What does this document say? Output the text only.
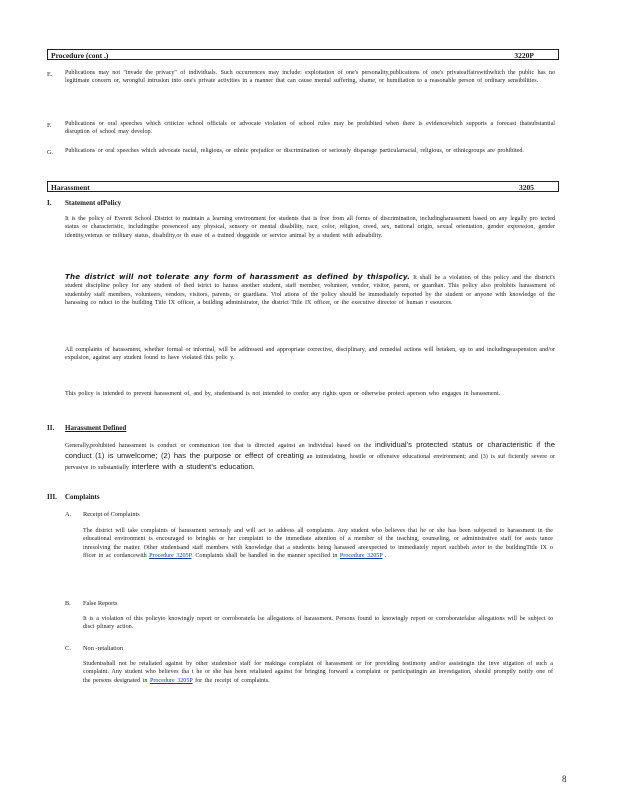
Procedure (cont .)	3220P
E. Publications may not "invade the privacy" of individuals. Such occurrences may include: exploitation of one's personality,publications of one's privateaffairswithwhich the public has no legitimate concern or, wrongful intrusion into one's private activities in a manner that can cause mental suffering, shame, or humiliation to a reasonable person of ordinary sensibilities.
F. Publications or oral speeches which criticize school officials or advocate violation of school rules may be prohibited when there is evidencewhich supports a forecast thatsubstantial disruption of school may develop.
G. Publications or oral speeches which advocate racial, religious, or ethnic prejudice or discrimination or seriously disparage particularracial, religious, or ethnicgroups are prohibited.
Harassment	3205
I. Statement ofPolicy
It is the policy of Everett School District to maintain a learning environment for students that is free from all forms of discrimination, includingharassment based on any legally pro tected status or characteristic, includingthe presenceof any physical, sensory or mental disability, race, color, religion, creed, sex, national origin, sexual orientation, gender expression, gender identity,veteran or military status, disability,or th euse of a trained dogguide or service animal by a student with adisability.
The district will not tolerate any form of harassment as defined by thispolicy. It shall be a violation of this policy and the district's student discipline policy for any student of thed istrict to harass another student, staff member, volunteer, vendor, visitor, parent, or guardian. This policy also prohibits harassment of studentsby staff members, volunteers, vendors, visitors, parents, or guardians. Viol ations of the policy should be immediately reported by the student or anyone with knowledge of the harassing co nduct to the building Title IX officer, a building administrator, the district Title IX officer, or the executive director of human r esources.
All complaints of harassment, whether formal or informal, will be addressed and appropriate corrective, disciplinary, and remedial actions will betaken, up to and includingsuspension and/or expulsion, against any student found to have violated this polic y.
This policy is intended to prevent harassment of, and by, studentsand is not intended to confer any rights upon or otherwise protect aperson who engages in harassment.
II. Harassment Defined
Generally,prohibited harassment is conduct or communicat ion that is directed against an individual based on the individual’s protected status or characteristic if the conduct (1) is unwelcome; (2) has the purpose or effect of creating an intimidating, hostile or offensive educational environment; and (3) is suf ficiently severe or pervasive to substantially interfere with a student’s education.
III. Complaints
A. Receipt of Complaints
The district will take complaints of harassment seriously and will act to address all complaints. Any student who believes that he or she has been subjected to harassment in the educational environment is encouraged to bringhis or her complaint to the immediate attention of a member of the teaching, counseling, or administrative staff for assis tance inresolving the matter. Other studentsand staff members with knowledge that a studentis being harassed areexpected to immediately report suchbeh avior to the buildingTitle IX o fficer in ac cordancewith Procedure 3205P. Complaints shall be handled in the manner specified in Procedure 3205P .
B. False Reports
It is a violation of this policyto knowingly report or corroboratefa lse allegations of harassment. Persons found to knowingly report or corroboratefalse allegations will be subject to disci plinary action.
C. Non -retaliation
Studentsshall not be retaliated against by other studentsor staff for makinga complaint of harassment or for providing testimony and/or assistingin the inve stigation of such a complaint. Any student who believes tha t he or she has been retaliated against for bringing forward a complaint or participatingin an investigation, should promptly notify one of the persons designated in Procedure 3205P for the receipt of complaints.
8
